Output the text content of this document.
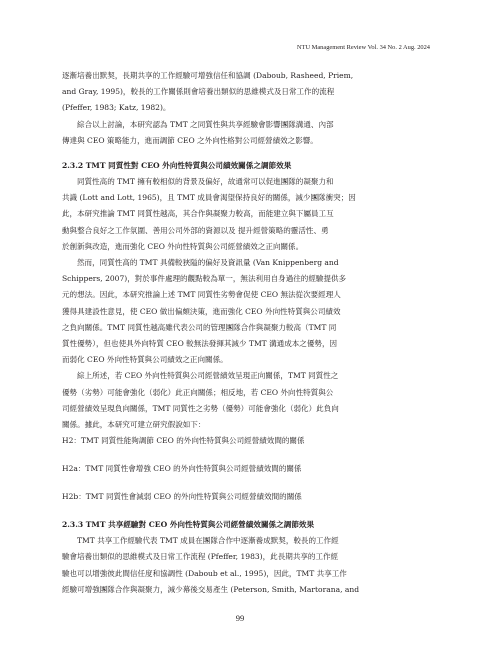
NTU Management Review Vol. 34 No. 2 Aug. 2024
逐漸培養出默契，長期共享的工作經驗可增強信任和協調 (Daboub, Rasheed, Priem,
and Gray, 1995)，較長的工作關係則會培養出類似的思維模式及日常工作的流程
(Pfeffer, 1983; Katz, 1982)。
綜合以上討論，本研究認為 TMT 之同質性與共享經驗會影響團隊溝通、內部
傳達與 CEO 策略能力，進而調節 CEO 之外向性格對公司經營績效之影響。
2.3.2 TMT 同質性對 CEO 外向性特質與公司績效關係之調節效果
同質性高的 TMT 擁有較相似的背景及偏好，故通常可以促進團隊的凝聚力和
共識 (Lott and Lott, 1965)，且 TMT 成員會渴望保持良好的關係，減少團隊衝突；因
此，本研究推論 TMT 同質性越高，其合作與凝聚力較高，而能建立與下屬員工互
動與整合良好之工作氛圍、善用公司外部的資源以及 提升經營策略的靈活性、勇
於創新與改造，進而強化 CEO 外向性特質與公司經營績效之正向關係。
然而，同質性高的 TMT 具備較狹隘的偏好及資訊量 (Van Knippenberg and
Schippers, 2007)，對於事件處理的觀點較為單一，無法利用自身過往的經驗提供多
元的想法。因此，本研究推論上述 TMT 同質性劣勢會促使 CEO 無法從次要經理人
獲得具建設性意見，使 CEO 做出偏頗決策，進而強化 CEO 外向性特質與公司績效
之負向關係。TMT 同質性越高雖代表公司的管理團隊合作與凝聚力較高（TMT 同
質性優勢），但也使具外向特質 CEO 較無法發揮其減少 TMT 溝通成本之優勢，因
而弱化 CEO 外向性特質與公司績效之正向關係。
綜上所述，若 CEO 外向性特質與公司經營績效呈現正向關係，TMT 同質性之
優勢（劣勢）可能會強化（弱化）此正向關係；相反地，若 CEO 外向性特質與公
司經營績效呈現負向關係，TMT 同質性之劣勢（優勢）可能會強化（弱化）此負向
關係。據此，本研究可建立研究假說如下：
H2：TMT 同質性能夠調節 CEO 的外向性特質與公司經營績效間的關係
H2a：TMT 同質性會增強 CEO 的外向性特質與公司經營績效間的關係
H2b：TMT 同質性會減弱 CEO 的外向性特質與公司經營績效間的關係
2.3.3 TMT 共享經驗對 CEO 外向性特質與公司經營績效關係之調節效果
TMT 共享工作經驗代表 TMT 成員在團隊合作中逐漸養成默契，較長的工作經
驗會培養出類似的思維模式及日常工作流程 (Pfeffer, 1983)，此長期共享的工作經
驗也可以增強彼此間信任度和協調性 (Daboub et al., 1995)，因此，TMT 共享工作
經驗可增強團隊合作與凝聚力，減少幕後交易產生 (Peterson, Smith, Martorana, and
99
